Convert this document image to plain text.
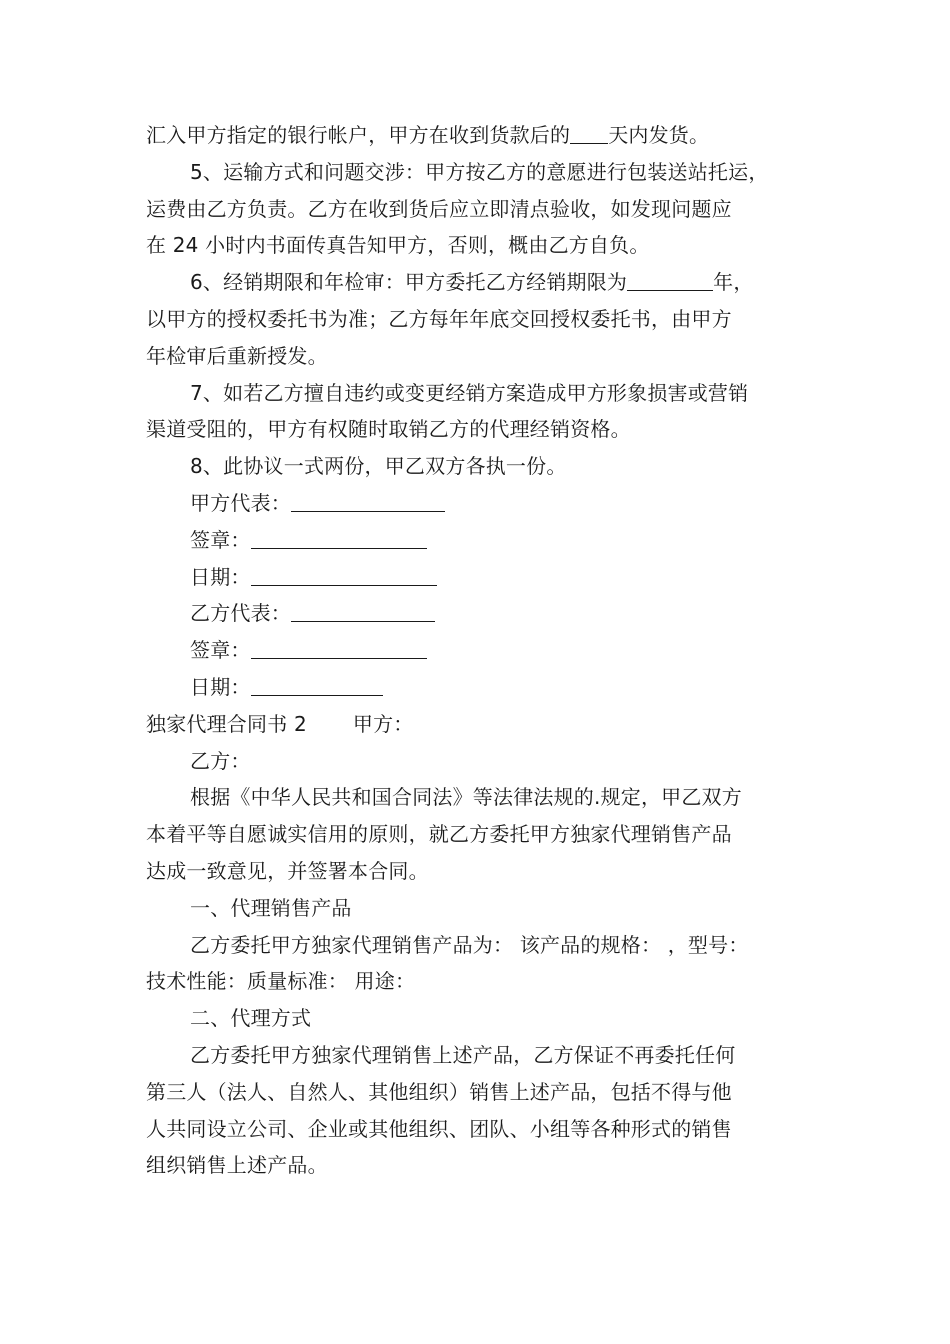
汇入甲方指定的银行帐户，甲方在收到货款后的 天内发货。
5、运输方式和问题交涉：甲方按乙方的意愿进行包装送站托运，
运费由乙方负责。乙方在收到货后应立即清点验收，如发现问题应
在 24 小时内书面传真告知甲方，否则，概由乙方自负。
6、经销期限和年检审：甲方委托乙方经销期限为	年，
以甲方的授权委托书为准；乙方每年年底交回授权委托书，由甲方
年检审后重新授发。
7、如若乙方擅自违约或变更经销方案造成甲方形象损害或营销
渠道受阻的，甲方有权随时取销乙方的代理经销资格。
8、此协议一式两份，甲乙双方各执一份。
甲方代表：
签章：
日期：
乙方代表：
签章：
日期：
独家代理合同书 2 甲方：
乙方：
根据《中华人民共和国合同法》等法律法规的.规定，甲乙双方
本着平等自愿诚实信用的原则，就乙方委托甲方独家代理销售产品
达成一致意见，并签署本合同。
一、代理销售产品
乙方委托甲方独家代理销售产品为： 该产品的规格： ，型号：
技术性能：质量标准： 用途：
二、代理方式
乙方委托甲方独家代理销售上述产品，乙方保证不再委托任何
第三人（法人、自然人、其他组织）销售上述产品，包括不得与他
人共同设立公司、企业或其他组织、团队、小组等各种形式的销售
组织销售上述产品。
